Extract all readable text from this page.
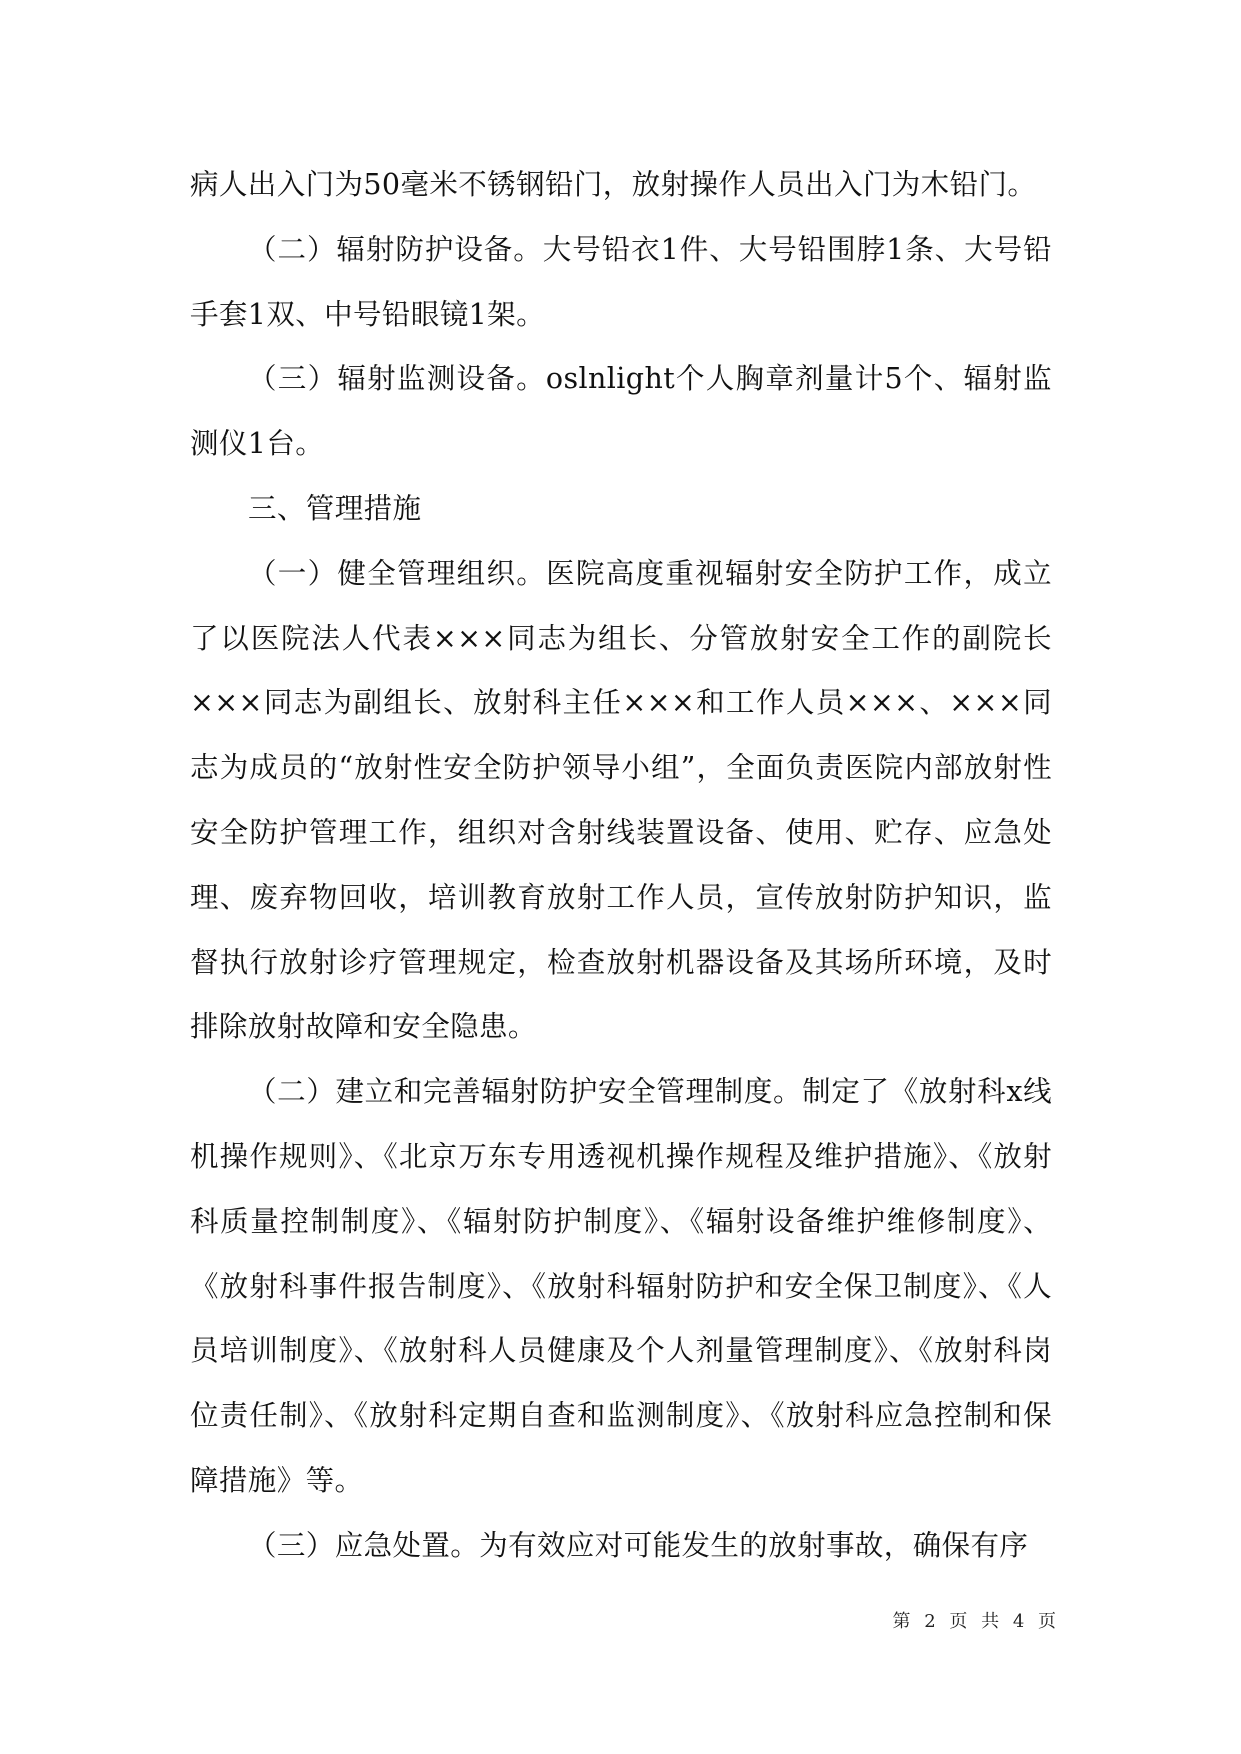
病人出入门为50毫米不锈钢铅门，放射操作人员出入门为木铅门。

（二）辐射防护设备。大号铅衣1件、大号铅围脖1条、大号铅手套1双、中号铅眼镜1架。

（三）辐射监测设备。oslnlight个人胸章剂量计5个、辐射监测仪1台。

三、管理措施

（一）健全管理组织。医院高度重视辐射安全防护工作，成立了以医院法人代表×××同志为组长、分管放射安全工作的副院长×××同志为副组长、放射科主任×××和工作人员×××、×××同志为成员的“放射性安全防护领导小组”，全面负责医院内部放射性安全防护管理工作，组织对含射线装置设备、使用、贮存、应急处理、废弃物回收，培训教育放射工作人员，宣传放射防护知识，监督执行放射诊疗管理规定，检查放射机器设备及其场所环境，及时排除放射故障和安全隐患。

（二）建立和完善辐射防护安全管理制度。制定了《放射科x线机操作规则》、《北京万东专用透视机操作规程及维护措施》、《放射科质量控制制度》、《辐射防护制度》、《辐射设备维护维修制度》、《放射科事件报告制度》、《放射科辐射防护和安全保卫制度》、《人员培训制度》、《放射科人员健康及个人剂量管理制度》、《放射科岗位责任制》、《放射科定期自查和监测制度》、《放射科应急控制和保障措施》等。

（三）应急处置。为有效应对可能发生的放射事故，确保有序

第 2 页 共 4 页
